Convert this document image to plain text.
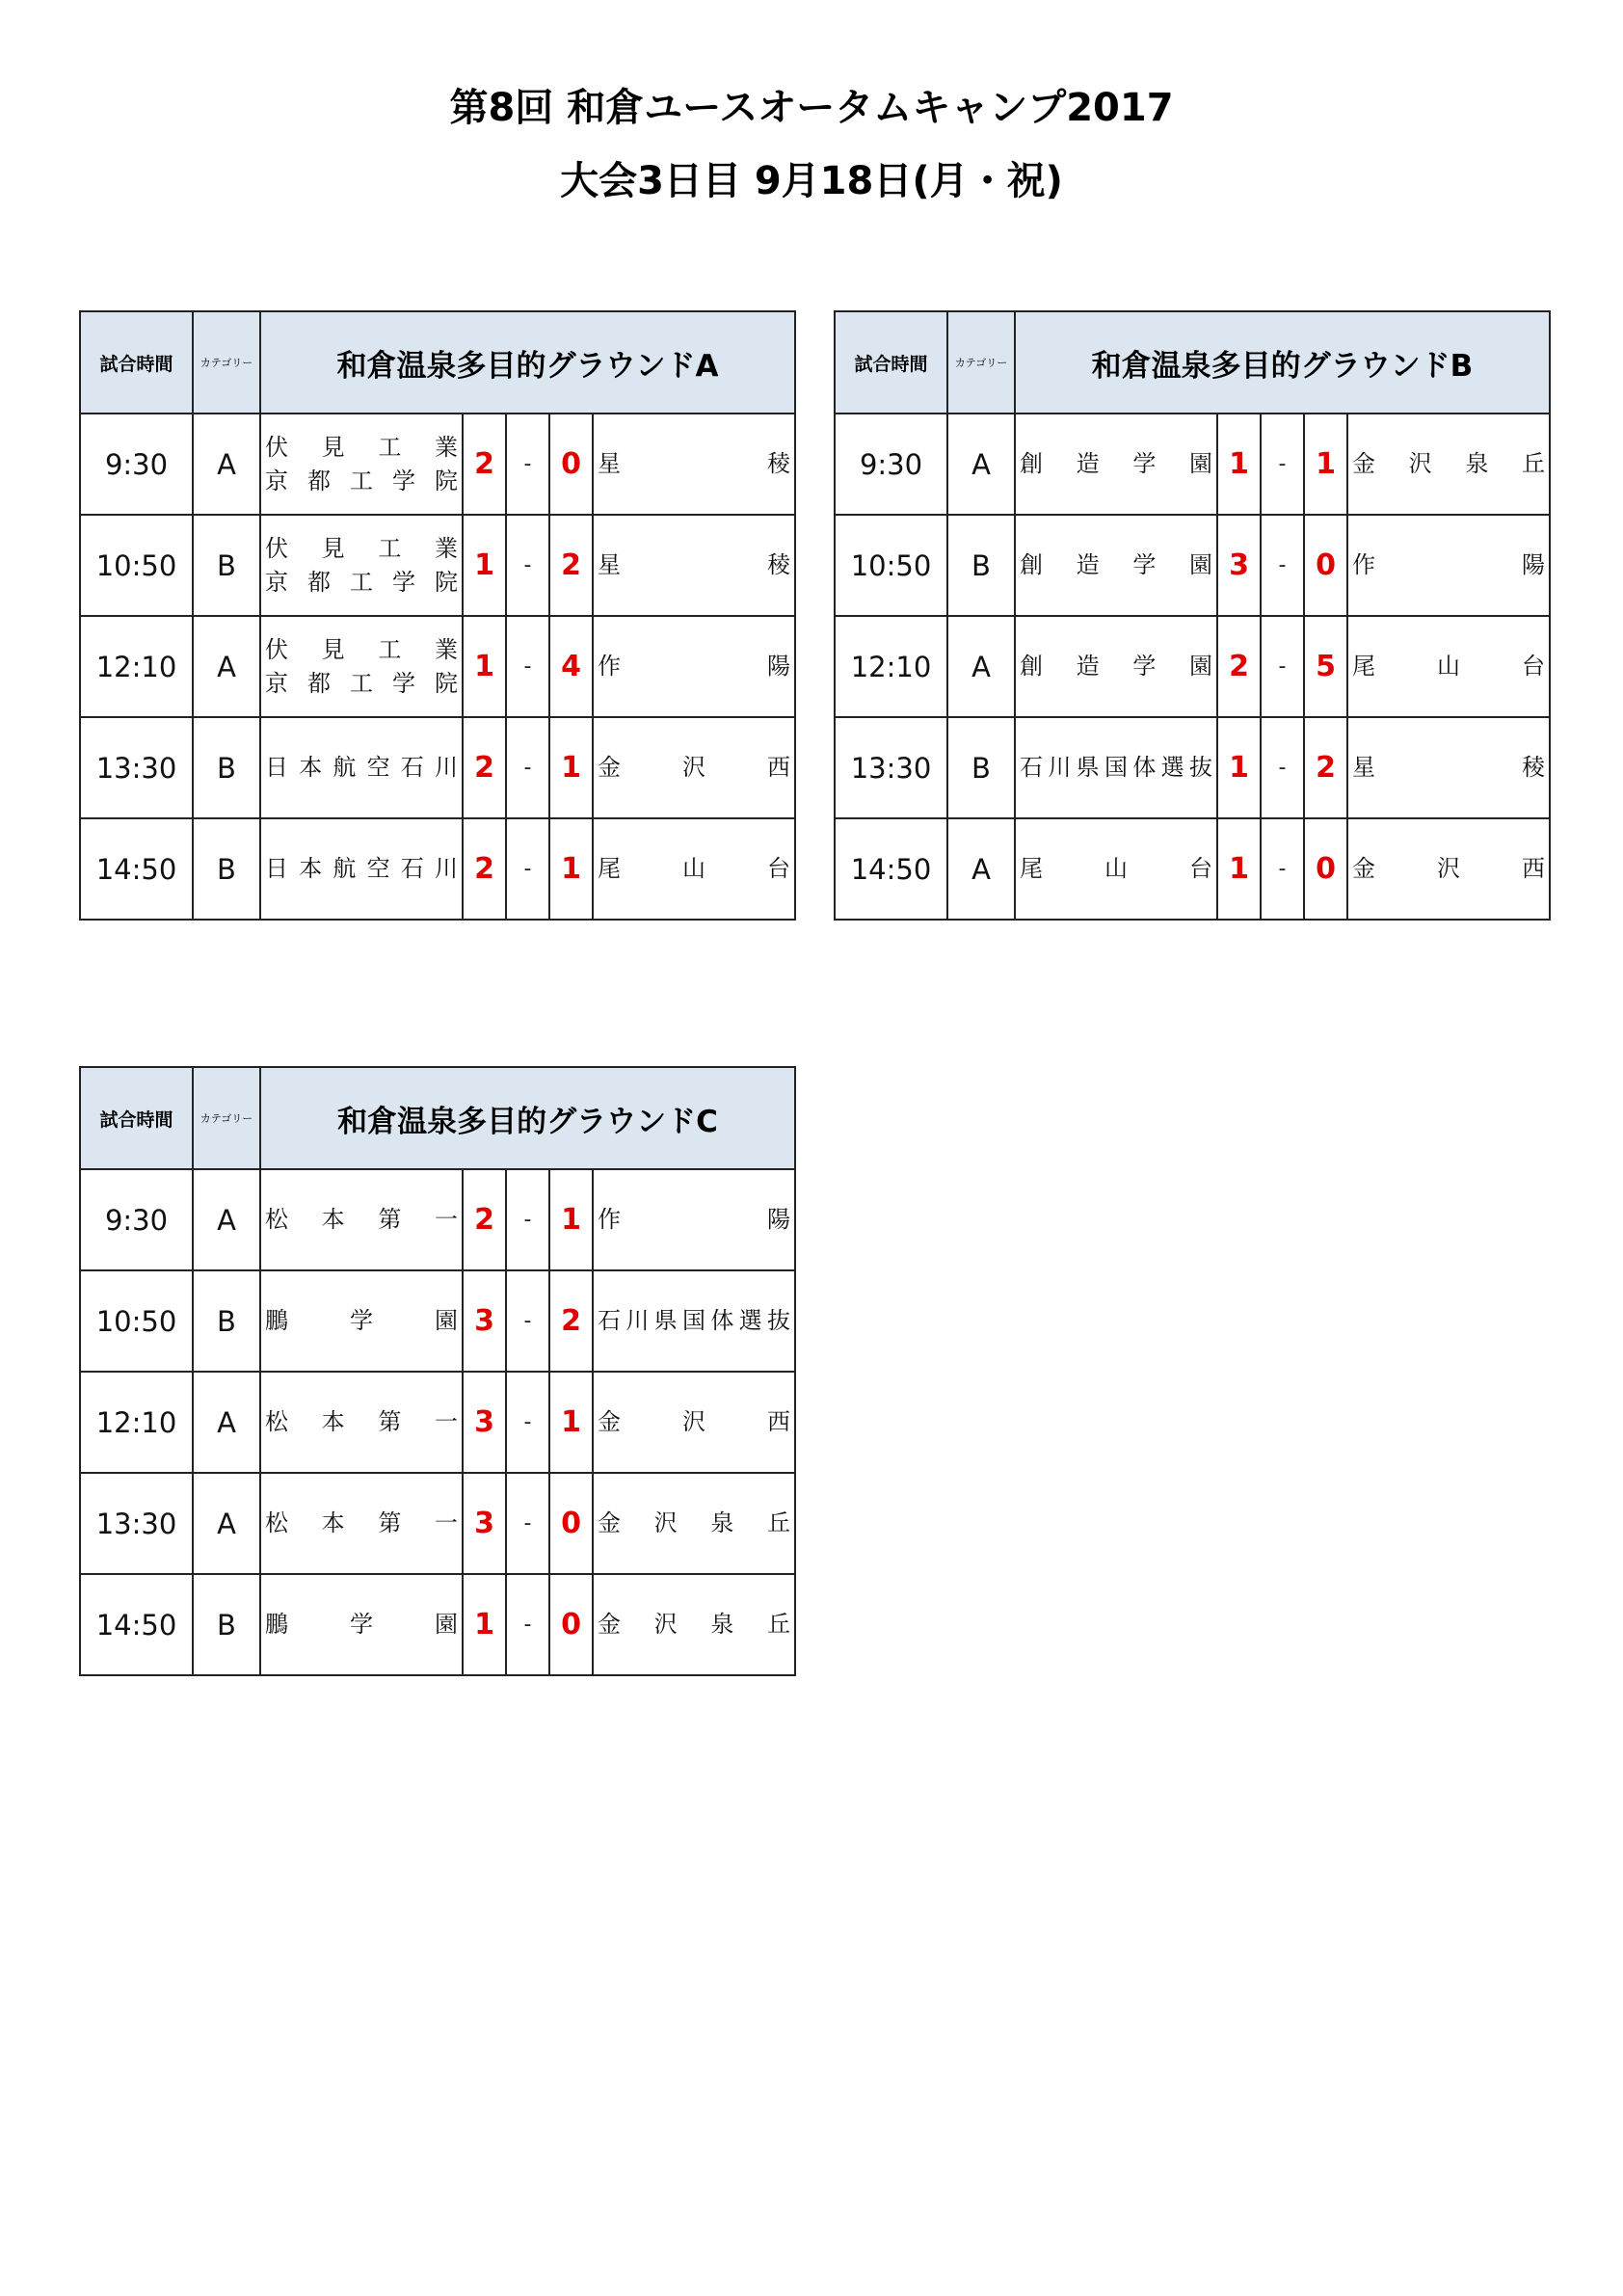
第8回 和倉ユースオータムキャンプ2017
大会3日目 9月18日(月・祝)
試合時間	カテゴリー	和倉温泉多目的グラウンドA				
9:30	A	伏　見　工　業
京都工学院	2	-	0	星　　　　稜

10:50	B	伏　見　工　業
京都工学院	1	-	2	星　　　　稜

12:10	A	伏　見　工　業
京都工学院	1	-	4	作　　　　陽

13:30	B	日本航空石川	2	-	1	金　沢　西

14:50	B	日本航空石川	2	-	1	尾　山　台
試合時間	カテゴリー	和倉温泉多目的グラウンドB				
9:30	A	創　造　学　園	1	-	1	金　沢　泉　丘

10:50	B	創　造　学　園	3	-	0	作　　　　陽

12:10	A	創　造　学　園	2	-	5	尾　山　台

13:30	B	石川県国体選抜	1	-	2	星　　　　稜

14:50	A	尾　山　台	1	-	0	金　沢　西
試合時間	カテゴリー	和倉温泉多目的グラウンドC				
9:30	A	松　本　第　一	2	-	1	作　　　　陽

10:50	B	鵬　　学　　園	3	-	2	石川県国体選抜

12:10	A	松　本　第　一	3	-	1	金　沢　西

13:30	A	松　本　第　一	3	-	0	金　沢　泉　丘

14:50	B	鵬　　学　　園	1	-	0	金　沢　泉　丘
